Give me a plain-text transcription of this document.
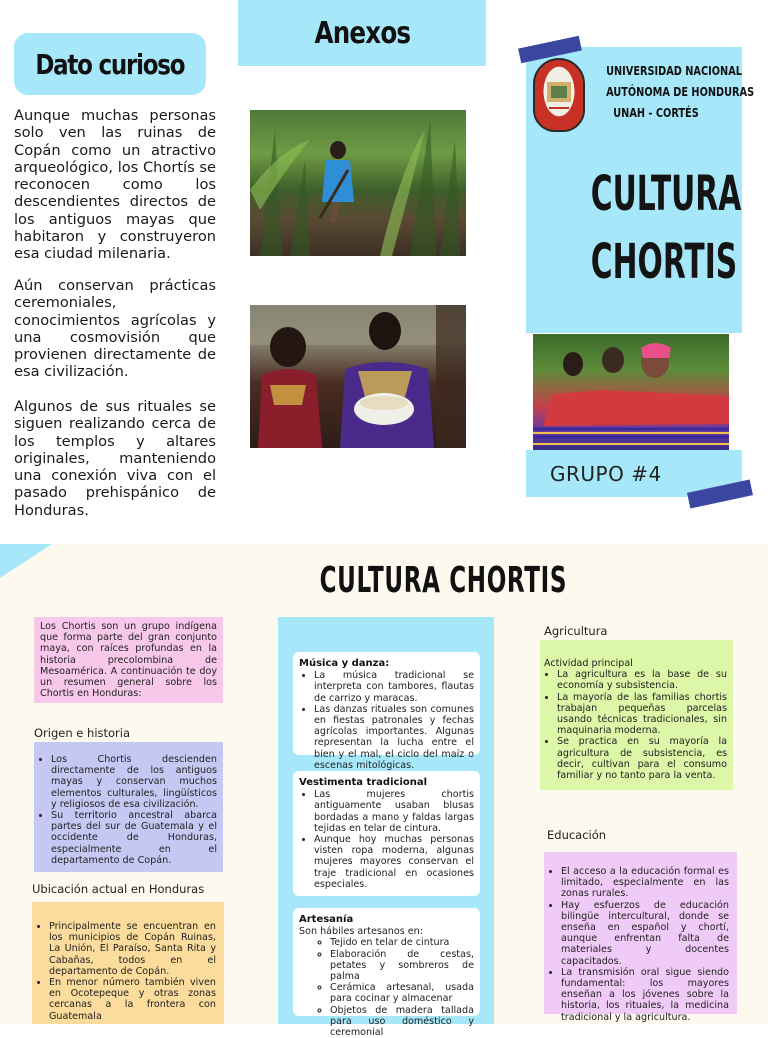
Dato curioso
Anexos

Aunque muchas personas solo ven las ruinas de Copán como un atractivo arqueológico, los Chortís se reconocen como los descendientes directos de los antiguos mayas que habitaron y construyeron esa ciudad milenaria.

Aún conservan prácticas ceremoniales, conocimientos agrícolas y una cosmovisión que provienen directamente de esa civilización.

Algunos de sus rituales se siguen realizando cerca de los templos y altares originales, manteniendo una conexión viva con el pasado prehispánico de Honduras.

UNIVERSIDAD NACIONAL
AUTÓNOMA DE HONDURAS
UNAH - CORTÉS
CULTURA
CHORTIS
GRUPO #4
CULTURA CHORTIS

Los Chortis son un grupo indígena que forma parte del gran conjunto maya, con raíces profundas en la historia precolombina de Mesoamérica. A continuación te doy un resumen general sobre los Chortis en Honduras:

Origen e historia
• Los Chortis descienden directamente de los antiguos mayas y conservan muchos elementos culturales, lingüísticos y religiosos de esa civilización.
• Su territorio ancestral abarca partes del sur de Guatemala y el occidente de Honduras, especialmente en el departamento de Copán.
Ubicación actual en Honduras
• Principalmente se encuentran en los municipios de Copán Ruinas, La Unión, El Paraíso, Santa Rita y Cabañas, todos en el departamento de Copán.
• En menor número también viven en Ocotepeque y otras zonas cercanas a la frontera con Guatemala
Música y danza:
• La música tradicional se interpreta con tambores, flautas de carrizo y maracas.
• Las danzas rituales son comunes en fiestas patronales y fechas agrícolas importantes. Algunas representan la lucha entre el bien y el mal, el ciclo del maíz o escenas mitológicas.
Vestimenta tradicional
• Las mujeres chortis antiguamente usaban blusas bordadas a mano y faldas largas tejidas en telar de cintura.
• Aunque hoy muchas personas visten ropa moderna, algunas mujeres mayores conservan el traje tradicional en ocasiones especiales.
Artesanía
Son hábiles artesanos en:
◦ Tejido en telar de cintura
◦ Elaboración de cestas, petates y sombreros de palma
◦ Cerámica artesanal, usada para cocinar y almacenar
◦ Objetos de madera tallada para uso doméstico y ceremonial
Agricultura
Actividad principal
• La agricultura es la base de su economía y subsistencia.
• La mayoría de las familias chortis trabajan pequeñas parcelas usando técnicas tradicionales, sin maquinaria moderna.
• Se practica en su mayoría la agricultura de subsistencia, es decir, cultivan para el consumo familiar y no tanto para la venta.
Educación
• El acceso a la educación formal es limitado, especialmente en las zonas rurales.
• Hay esfuerzos de educación bilingüe intercultural, donde se enseña en español y chortí, aunque enfrentan falta de materiales y docentes capacitados.
• La transmisión oral sigue siendo fundamental: los mayores enseñan a los jóvenes sobre la historia, los rituales, la medicina tradicional y la agricultura.
